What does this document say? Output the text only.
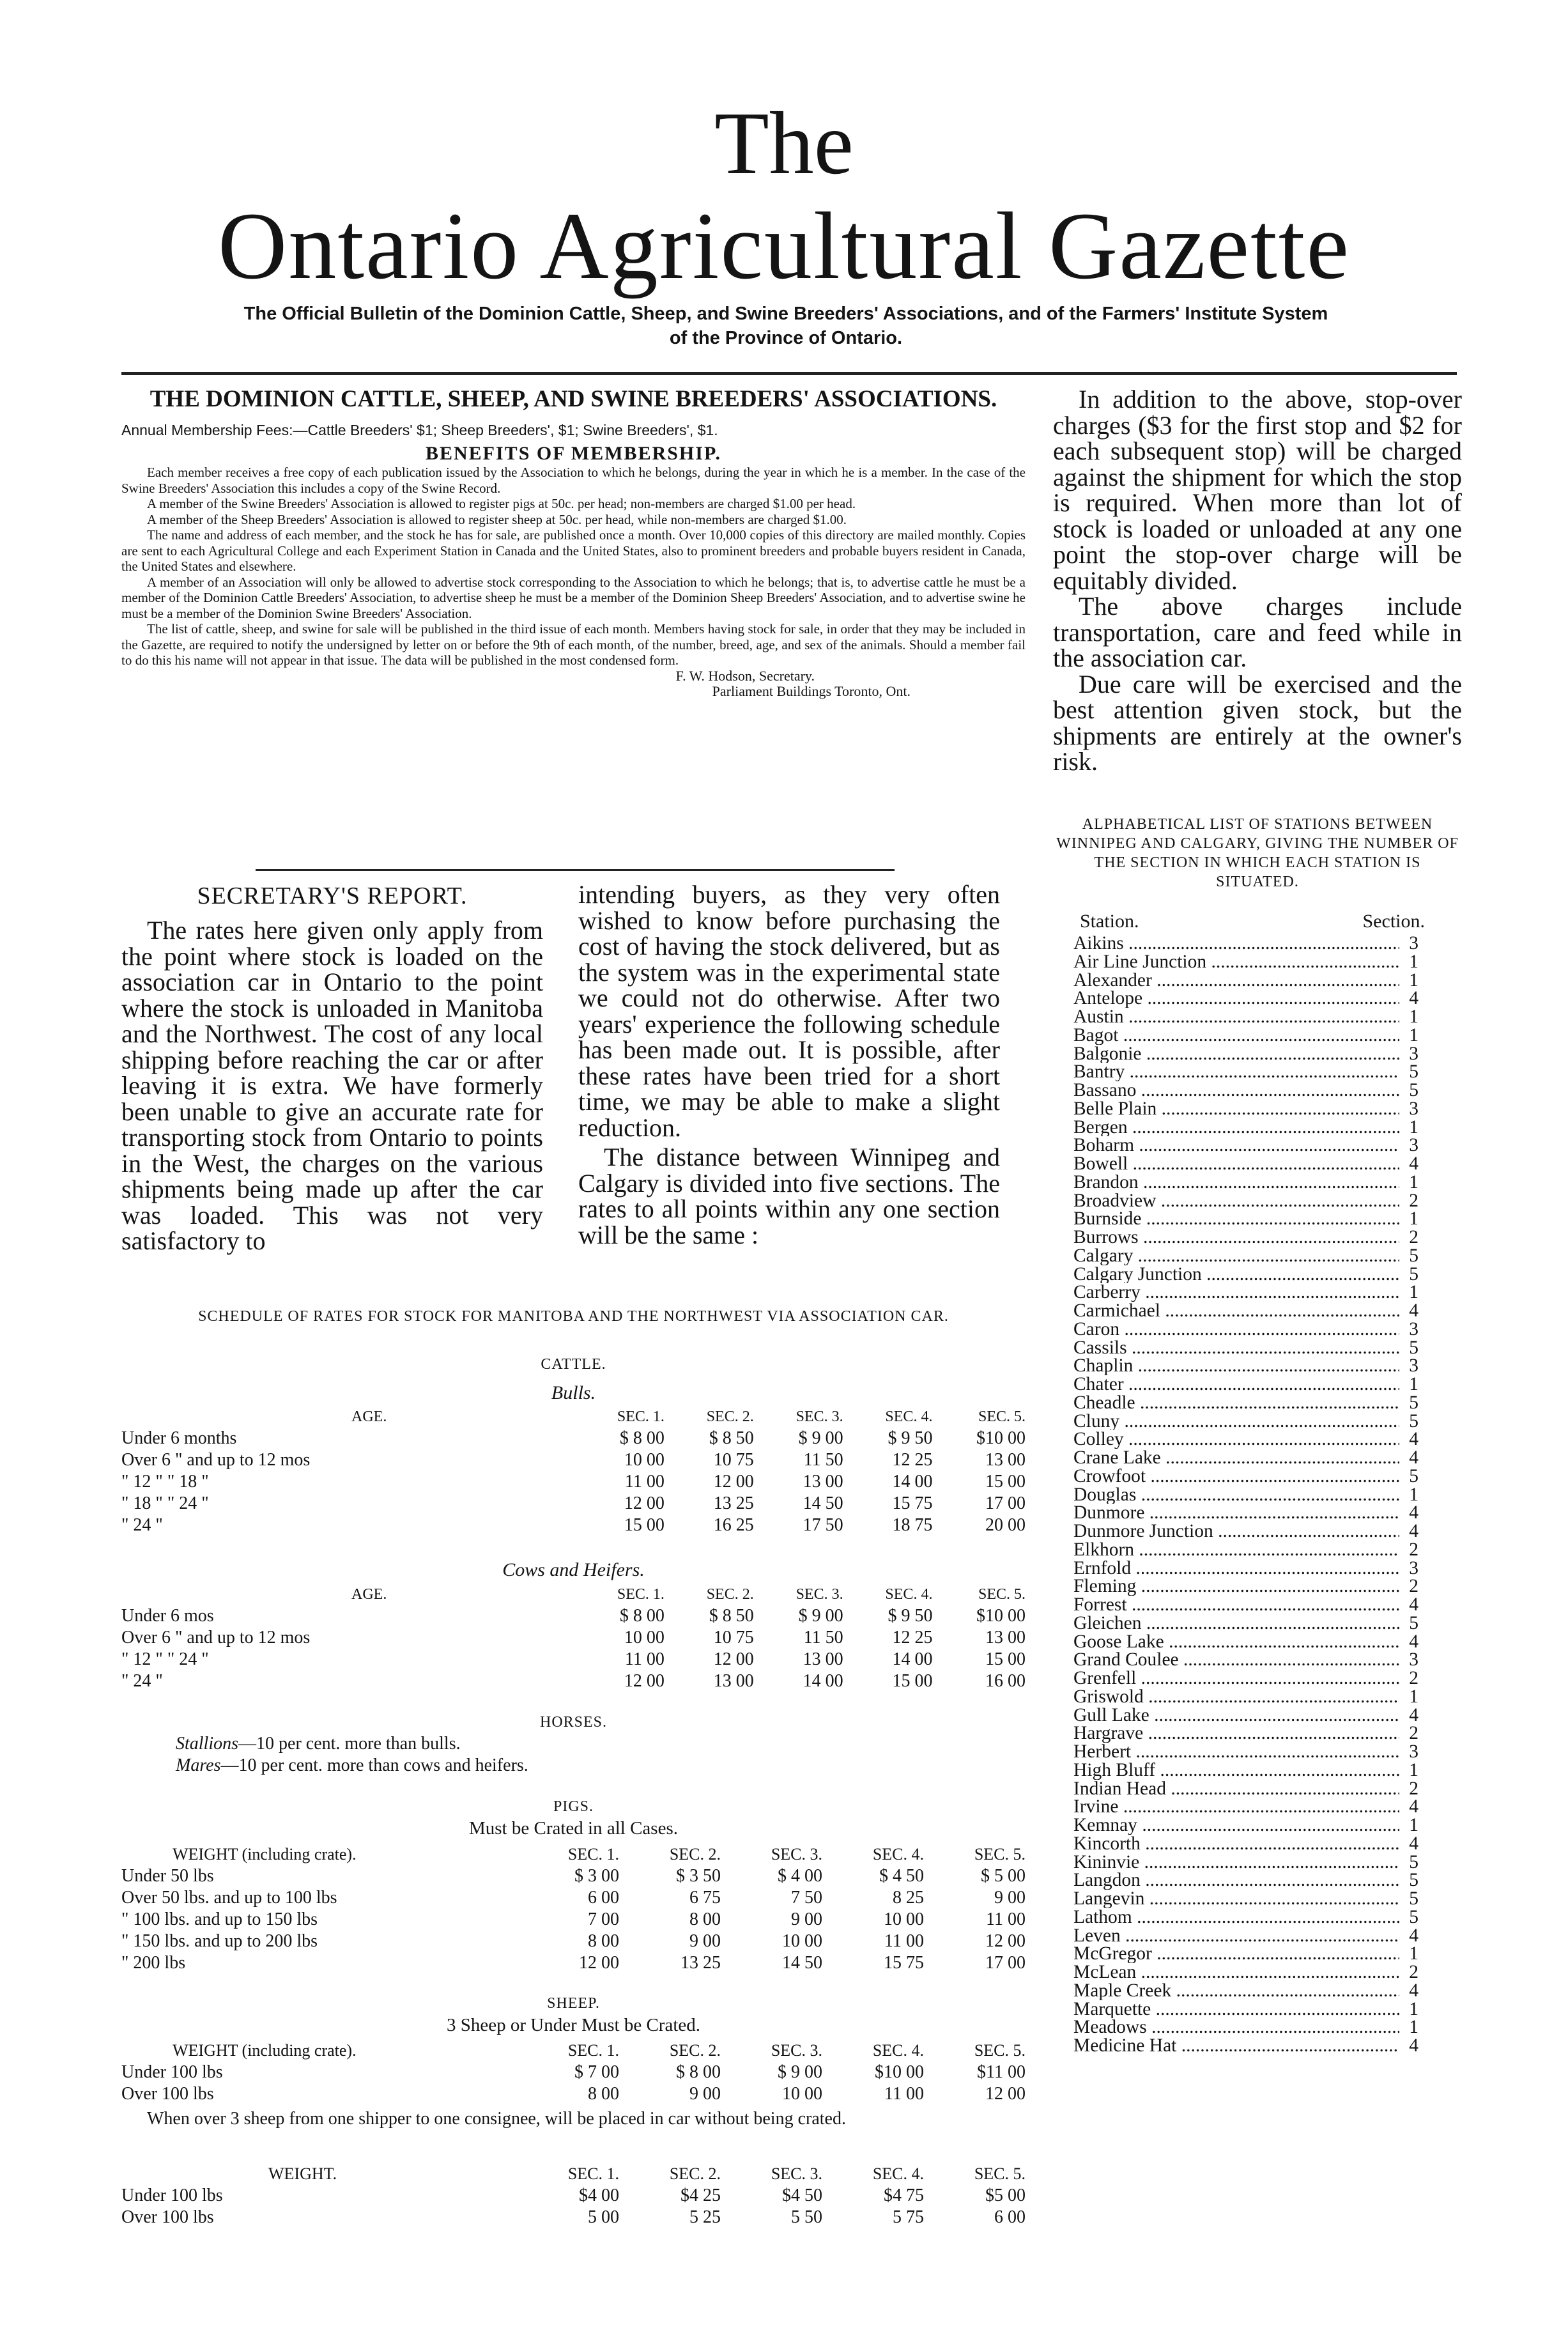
The
Ontario Agricultural Gazette
The Official Bulletin of the Dominion Cattle, Sheep, and Swine Breeders' Associations, and of the Farmers' Institute System of the Province of Ontario.
THE DOMINION CATTLE, SHEEP, AND SWINE BREEDERS' ASSOCIATIONS.
Annual Membership Fees:—Cattle Breeders' $1; Sheep Breeders', $1; Swine Breeders', $1.
BENEFITS OF MEMBERSHIP.

Each member receives a free copy of each publication issued by the Association to which he belongs, during the year in which he is a member. In the case of the Swine Breeders' Association this includes a copy of the Swine Record.

A member of the Swine Breeders' Association is allowed to register pigs at 50c. per head; non-members are charged $1.00 per head.

A member of the Sheep Breeders' Association is allowed to register sheep at 50c. per head, while non-members are charged $1.00.

The name and address of each member, and the stock he has for sale, are published once a month. Over 10,000 copies of this directory are mailed monthly. Copies are sent to each Agricultural College and each Experiment Station in Canada and the United States, also to prominent breeders and probable buyers resident in Canada, the United States and elsewhere.

A member of an Association will only be allowed to advertise stock corresponding to the Association to which he belongs; that is, to advertise cattle he must be a member of the Dominion Cattle Breeders' Association, to advertise sheep he must be a member of the Dominion Sheep Breeders' Association, and to advertise swine he must be a member of the Dominion Swine Breeders' Association.

The list of cattle, sheep, and swine for sale will be published in the third issue of each month. Members having stock for sale, in order that they may be included in the Gazette, are required to notify the undersigned by letter on or before the 9th of each month, of the number, breed, age, and sex of the animals. Should a member fail to do this his name will not appear in that issue. The data will be published in the most condensed form.

F. W. Hodson, Secretary.
Parliament Buildings Toronto, Ont.

In addition to the above, stop-over charges ($3 for the first stop and $2 for each subsequent stop) will be charged against the shipment for which the stop is required. When more than lot of stock is loaded or unloaded at any one point the stop-over charge will be equitably divided.

The above charges include transportation, care and feed while in the association car.

Due care will be exercised and the best attention given stock, but the shipments are entirely at the owner's risk.

ALPHABETICAL LIST OF STATIONS BETWEEN WINNIPEG AND CALGARY, GIVING THE NUMBER OF THE SECTION IN WHICH EACH STATION IS SITUATED.
Station.	Section.
Aikins .....	3
Air Line Junction .....	1
Alexander .....	1
Antelope .....	4
Austin .....	1
Bagot .....	1
Balgonie .....	3
Bantry .....	5
Bassano .....	5
Belle Plain .....	3
Bergen .....	1
Boharm .....	3
Bowell .....	4
Brandon .....	1
Broadview .....	2
Burnside .....	1
Burrows .....	2
Calgary .....	5
Calgary Junction .....	5
Carberry .....	1
Carmichael .....	4
Caron .....	3
Cassils .....	5
Chaplin .....	3
Chater .....	1
Cheadle .....	5
Cluny .....	5
Colley .....	4
Crane Lake .....	4
Crowfoot .....	5
Douglas .....	1
Dunmore .....	4
Dunmore Junction .....	4
Elkhorn .....	2
Ernfold .....	3
Fleming .....	2
Forrest .....	4
Gleichen .....	5
Goose Lake .....	4
Grand Coulee .....	3
Grenfell .....	2
Griswold .....	1
Gull Lake .....	4
Hargrave .....	2
Herbert .....	3
High Bluff .....	1
Indian Head .....	2
Irvine .....	4
Kemnay .....	1
Kincorth .....	4
Kininvie .....	5
Langdon .....	5
Langevin .....	5
Lathom .....	5
Leven .....	4
McGregor .....	1
McLean .....	2
Maple Creek .....	4
Marquette .....	1
Meadows .....	1
Medicine Hat .....	4
SECRETARY'S REPORT.

The rates here given only apply from the point where stock is loaded on the association car in Ontario to the point where the stock is unloaded in Manitoba and the Northwest. The cost of any local shipping before reaching the car or after leaving it is extra. We have formerly been unable to give an accurate rate for transporting stock from Ontario to points in the West, the charges on the various shipments being made up after the car was loaded. This was not very satisfactory to

intending buyers, as they very often wished to know before purchasing the cost of having the stock delivered, but as the system was in the experimental state we could not do otherwise. After two years' experience the following schedule has been made out. It is possible, after these rates have been tried for a short time, we may be able to make a slight reduction.

The distance between Winnipeg and Calgary is divided into five sections. The rates to all points within any one section will be the same :

SCHEDULE OF RATES FOR STOCK FOR MANITOBA AND THE NORTHWEST VIA ASSOCIATION CAR.
CATTLE.
Bulls.
AGE.	SEC. 1.	SEC. 2.	SEC. 3.	SEC. 4.	SEC. 5.
Under 6 months	$ 8 00	$ 8 50	$ 9 00	$ 9 50	$10 00
Over 6 " and up to 12 mos	10 00	10 75	11 50	12 25	13 00
" 12 " " 18 "	11 00	12 00	13 00	14 00	15 00
" 18 " " 24 "	12 00	13 25	14 50	15 75	17 00
" 24 "	15 00	16 25	17 50	18 75	20 00
Cows and Heifers.
AGE.	SEC. 1.	SEC. 2.	SEC. 3.	SEC. 4.	SEC. 5.
Under 6 mos	$ 8 00	$ 8 50	$ 9 00	$ 9 50	$10 00
Over 6 " and up to 12 mos	10 00	10 75	11 50	12 25	13 00
" 12 " " 24 "	11 00	12 00	13 00	14 00	15 00
" 24 "	12 00	13 00	14 00	15 00	16 00
HORSES.
Stallions—10 per cent. more than bulls.
Mares—10 per cent. more than cows and heifers.
PIGS.
Must be Crated in all Cases.
WEIGHT (including crate).	SEC. 1.	SEC. 2.	SEC. 3.	SEC. 4.	SEC. 5.
Under 50 lbs	$ 3 00	$ 3 50	$ 4 00	$ 4 50	$ 5 00
Over 50 lbs. and up to 100 lbs	6 00	6 75	7 50	8 25	9 00
" 100 lbs. and up to 150 lbs	7 00	8 00	9 00	10 00	11 00
" 150 lbs. and up to 200 lbs	8 00	9 00	10 00	11 00	12 00
" 200 lbs	12 00	13 25	14 50	15 75	17 00
SHEEP.
3 Sheep or Under Must be Crated.
WEIGHT (including crate).	SEC. 1.	SEC. 2.	SEC. 3.	SEC. 4.	SEC. 5.
Under 100 lbs	$ 7 00	$ 8 00	$ 9 00	$10 00	$11 00
Over 100 lbs	8 00	9 00	10 00	11 00	12 00
When over 3 sheep from one shipper to one consignee, will be placed in car without being crated.
WEIGHT.	SEC. 1.	SEC. 2.	SEC. 3.	SEC. 4.	SEC. 5.
Under 100 lbs	$4 00	$4 25	$4 50	$4 75	$5 00
Over 100 lbs	5 00	5 25	5 50	5 75	6 00
